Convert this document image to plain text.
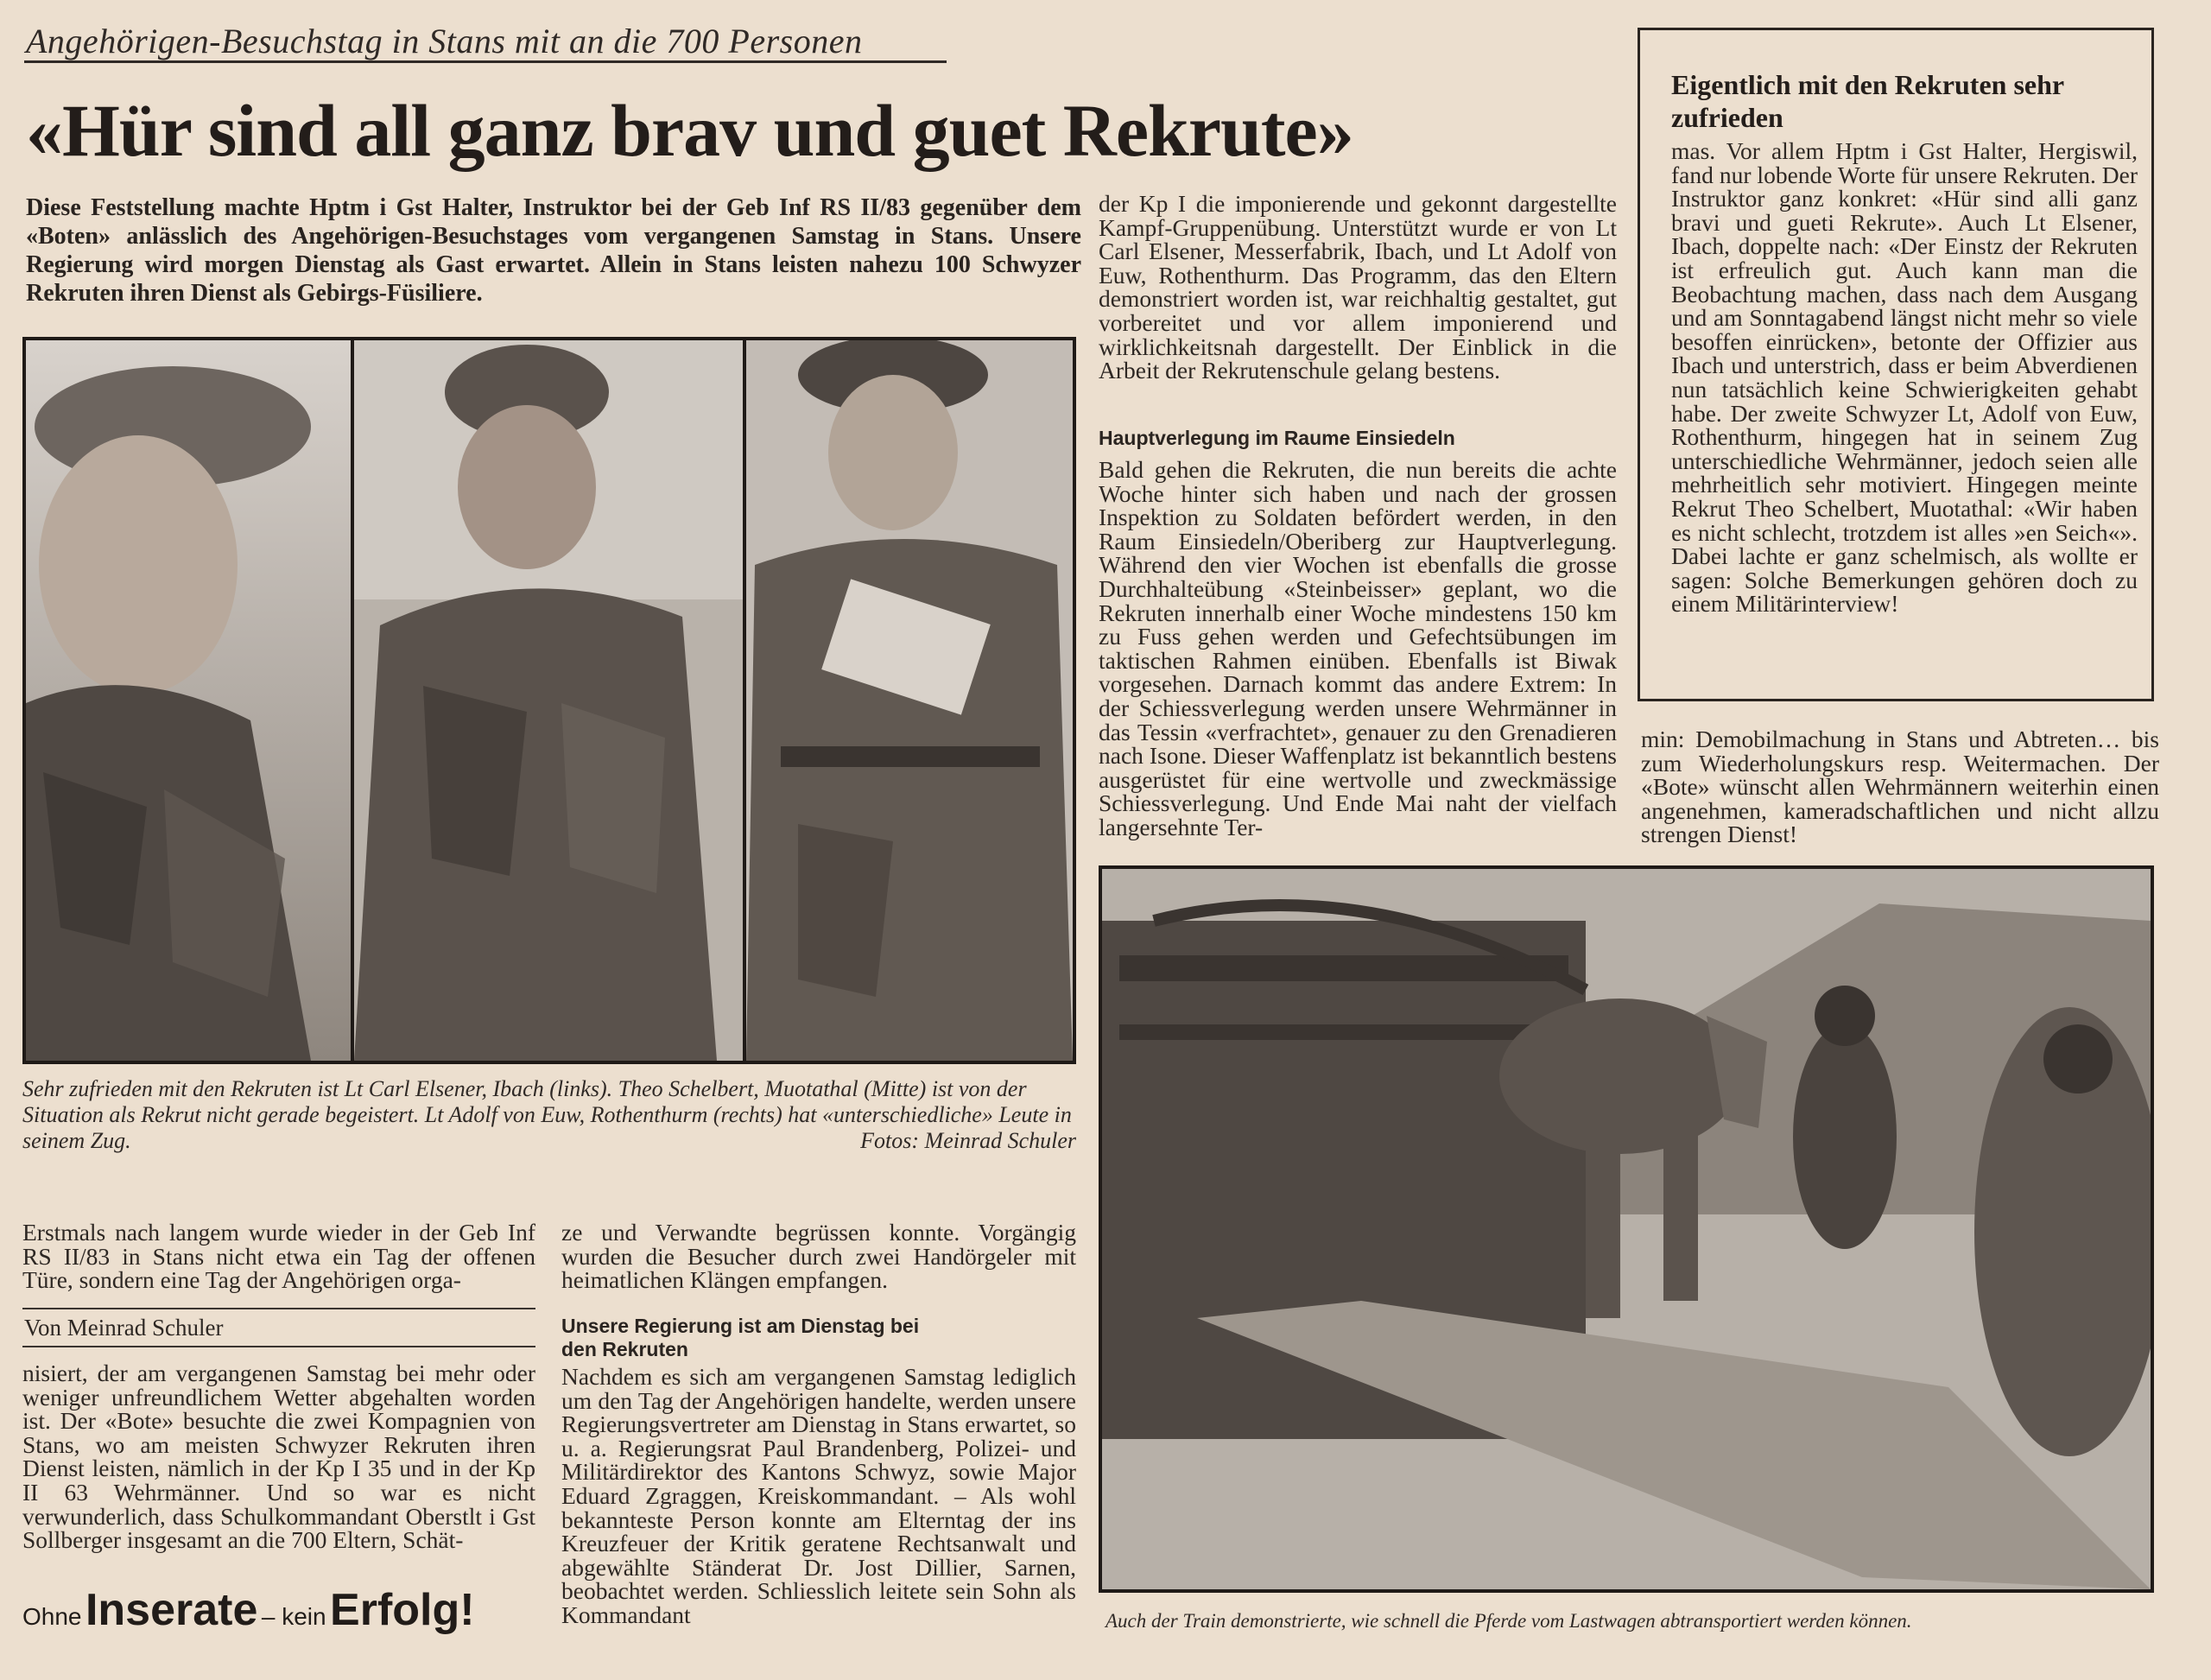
Angehörigen-Besuchstag in Stans mit an die 700 Personen
«Hür sind all ganz brav und guet Rekrute»
Diese Feststellung machte Hptm i Gst Halter, Instruktor bei der Geb Inf RS II/83 gegenüber dem «Boten» anlässlich des Angehörigen-Besuchstages vom vergangenen Samstag in Stans. Unsere Regierung wird morgen Dienstag als Gast erwartet. Allein in Stans leisten nahezu 100 Schwyzer Rekruten ihren Dienst als Gebirgs-Füsiliere.
Sehr zufrieden mit den Rekruten ist Lt Carl Elsener, Ibach (links). Theo Schelbert, Muotathal (Mitte) ist von der Situation als Rekrut nicht gerade begeistert. Lt Adolf von Euw, Rothenthurm (rechts) hat «unterschiedliche» Leute in seinem Zug.	Fotos: Meinrad Schuler
Erstmals nach langem wurde wieder in der Geb Inf RS II/83 in Stans nicht etwa ein Tag der offenen Türe, sondern eine Tag der Angehörigen orga-
Von Meinrad Schuler
nisiert, der am vergangenen Samstag bei mehr oder weniger unfreundlichem Wetter abgehalten worden ist. Der «Bote» besuchte die zwei Kompagnien von Stans, wo am meisten Schwyzer Rekruten ihren Dienst leisten, nämlich in der Kp I 35 und in der Kp II 63 Wehrmänner. Und so war es nicht verwunderlich, dass Schulkommandant Oberstlt i Gst Sollberger insgesamt an die 700 Eltern, Schät-
ze und Verwandte begrüssen konnte. Vorgängig wurden die Besucher durch zwei Handörgeler mit heimatlichen Klängen empfangen.
Unsere Regierung ist am Dienstag bei den Rekruten
Nachdem es sich am vergangenen Samstag lediglich um den Tag der Angehörigen handelte, werden unsere Regierungsvertreter am Dienstag in Stans erwartet, so u. a. Regierungsrat Paul Brandenberg, Polizei- und Militärdirektor des Kantons Schwyz, sowie Major Eduard Zgraggen, Kreiskommandant. – Als wohl bekannteste Person konnte am Elterntag der ins Kreuzfeuer der Kritik geratene Rechtsanwalt und abgewählte Ständerat Dr. Jost Dillier, Sarnen, beobachtet werden. Schliesslich leitete sein Sohn als Kommandant
Ohne Inserate – kein Erfolg!
der Kp I die imponierende und gekonnt dargestellte Kampf-Gruppenübung. Unterstützt wurde er von Lt Carl Elsener, Messerfabrik, Ibach, und Lt Adolf von Euw, Rothenthurm. Das Programm, das den Eltern demonstriert worden ist, war reichhaltig gestaltet, gut vorbereitet und vor allem imponierend und wirklichkeitsnah dargestellt. Der Einblick in die Arbeit der Rekrutenschule gelang bestens.
Hauptverlegung im Raume Einsiedeln
Bald gehen die Rekruten, die nun bereits die achte Woche hinter sich haben und nach der grossen Inspektion zu Soldaten befördert werden, in den Raum Einsiedeln/Oberiberg zur Hauptverlegung. Während den vier Wochen ist ebenfalls die grosse Durchhalteübung «Steinbeisser» geplant, wo die Rekruten innerhalb einer Woche mindestens 150 km zu Fuss gehen werden und Gefechtsübungen im taktischen Rahmen einüben. Ebenfalls ist Biwak vorgesehen. Darnach kommt das andere Extrem: In der Schiessverlegung werden unsere Wehrmänner in das Tessin «verfrachtet», genauer zu den Grenadieren nach Isone. Dieser Waffenplatz ist bekanntlich bestens ausgerüstet für eine wertvolle und zweckmässige Schiessverlegung. Und Ende Mai naht der vielfach langersehnte Ter-
Eigentlich mit den Rekruten sehr zufrieden
mas. Vor allem Hptm i Gst Halter, Hergiswil, fand nur lobende Worte für unsere Rekruten. Der Instruktor ganz konkret: «Hür sind alli ganz bravi und gueti Rekrute». Auch Lt Elsener, Ibach, doppelte nach: «Der Einstz der Rekruten ist erfreulich gut. Auch kann man die Beobachtung machen, dass nach dem Ausgang und am Sonntagabend längst nicht mehr so viele besoffen einrücken», betonte der Offizier aus Ibach und unterstrich, dass er beim Abverdienen nun tatsächlich keine Schwierigkeiten gehabt habe. Der zweite Schwyzer Lt, Adolf von Euw, Rothenthurm, hingegen hat in seinem Zug unterschiedliche Wehrmänner, jedoch seien alle mehrheitlich sehr motiviert. Hingegen meinte Rekrut Theo Schelbert, Muotathal: «Wir haben es nicht schlecht, trotzdem ist alles »en Seich«». Dabei lachte er ganz schelmisch, als wollte er sagen: Solche Bemerkungen gehören doch zu einem Militärinterview!
min: Demobilmachung in Stans und Abtreten… bis zum Wiederholungskurs resp. Weitermachen. Der «Bote» wünscht allen Wehrmännern weiterhin einen angenehmen, kameradschaftlichen und nicht allzu strengen Dienst!
Auch der Train demonstrierte, wie schnell die Pferde vom Lastwagen abtransportiert werden können.
